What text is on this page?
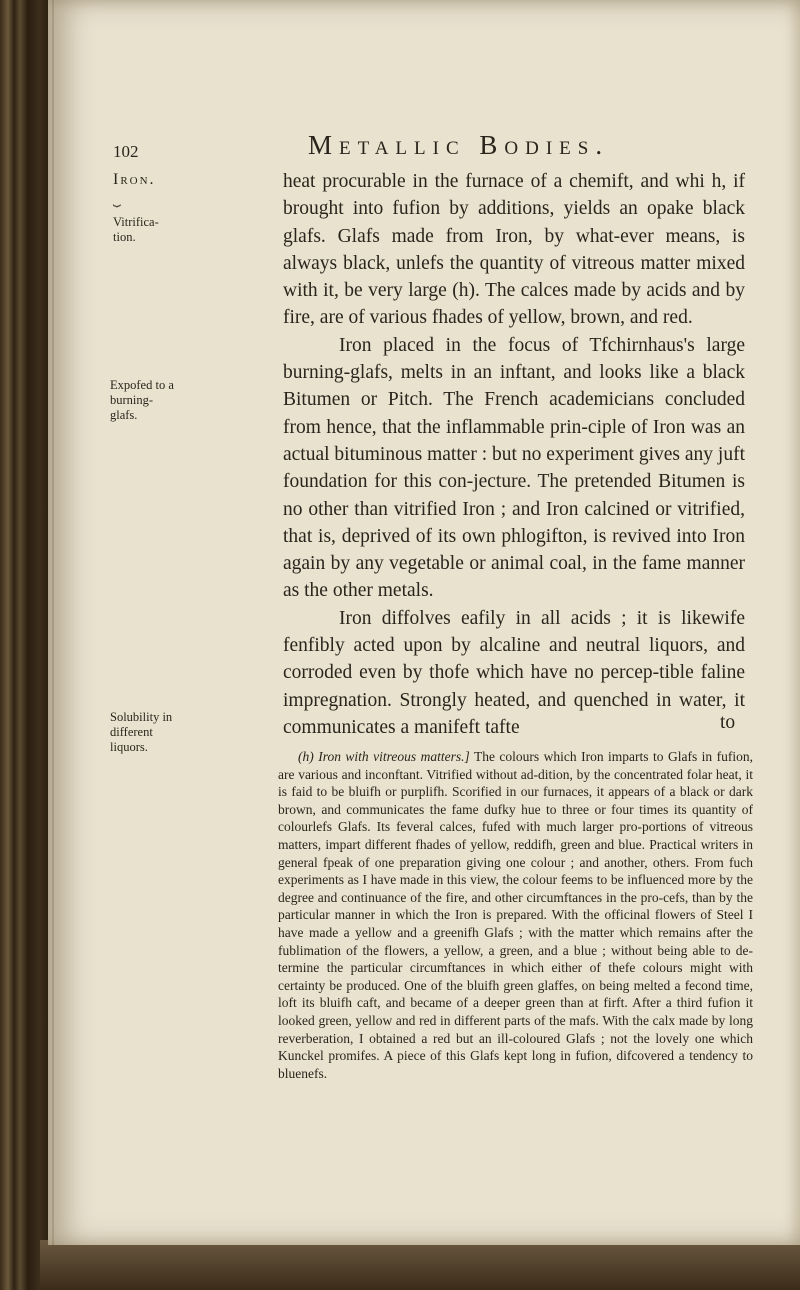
102	Metallic Bodies.
Iron.
⏟
Vitrifica-tion.
Expofed to a burning-glafs.
Solubility in different liquors.

heat procurable in the furnace of a chemift, and whi h, if brought into fufion by additions, yields an opake black glafs. Glafs made from Iron, by what-ever means, is always black, unlefs the quantity of vitreous matter mixed with it, be very large (h). The calces made by acids and by fire, are of various fhades of yellow, brown, and red.

Iron placed in the focus of Tfchirnhaus's large burning-glafs, melts in an inftant, and looks like a black Bitumen or Pitch. The French academicians concluded from hence, that the inflammable prin-ciple of Iron was an actual bituminous matter : but no experiment gives any juft foundation for this con-jecture. The pretended Bitumen is no other than vitrified Iron ; and Iron calcined or vitrified, that is, deprived of its own phlogifton, is revived into Iron again by any vegetable or animal coal, in the fame manner as the other metals.

Iron diffolves eafily in all acids ; it is likewife fenfibly acted upon by alcaline and neutral liquors, and corroded even by thofe which have no percep-tible faline impregnation. Strongly heated, and quenched in water, it communicates a manifeft tafte	to

(h) Iron with vitreous matters.] The colours which Iron imparts to Glafs in fufion, are various and inconftant. Vitrified without ad-dition, by the concentrated folar heat, it is faid to be bluifh or purplifh. Scorified in our furnaces, it appears of a black or dark brown, and communicates the fame dufky hue to three or four times its quantity of colourlefs Glafs. Its feveral calces, fufed with much larger pro-portions of vitreous matters, impart different fhades of yellow, reddifh, green and blue. Practical writers in general fpeak of one preparation giving one colour ; and another, others. From fuch experiments as I have made in this view, the colour feems to be influenced more by the degree and continuance of the fire, and other circumftances in the pro-cefs, than by the particular manner in which the Iron is prepared. With the officinal flowers of Steel I have made a yellow and a greenifh Glafs ; with the matter which remains after the fublimation of the flowers, a yellow, a green, and a blue ; without being able to de-termine the particular circumftances in which either of thefe colours might with certainty be produced. One of the bluifh green glaffes, on being melted a fecond time, loft its bluifh caft, and became of a deeper green than at firft. After a third fufion it looked green, yellow and red in different parts of the mafs. With the calx made by long reverberation, I obtained a red but an ill-coloured Glafs ; not the lovely one which Kunckel promifes. A piece of this Glafs kept long in fufion, difcovered a tendency to bluenefs.
